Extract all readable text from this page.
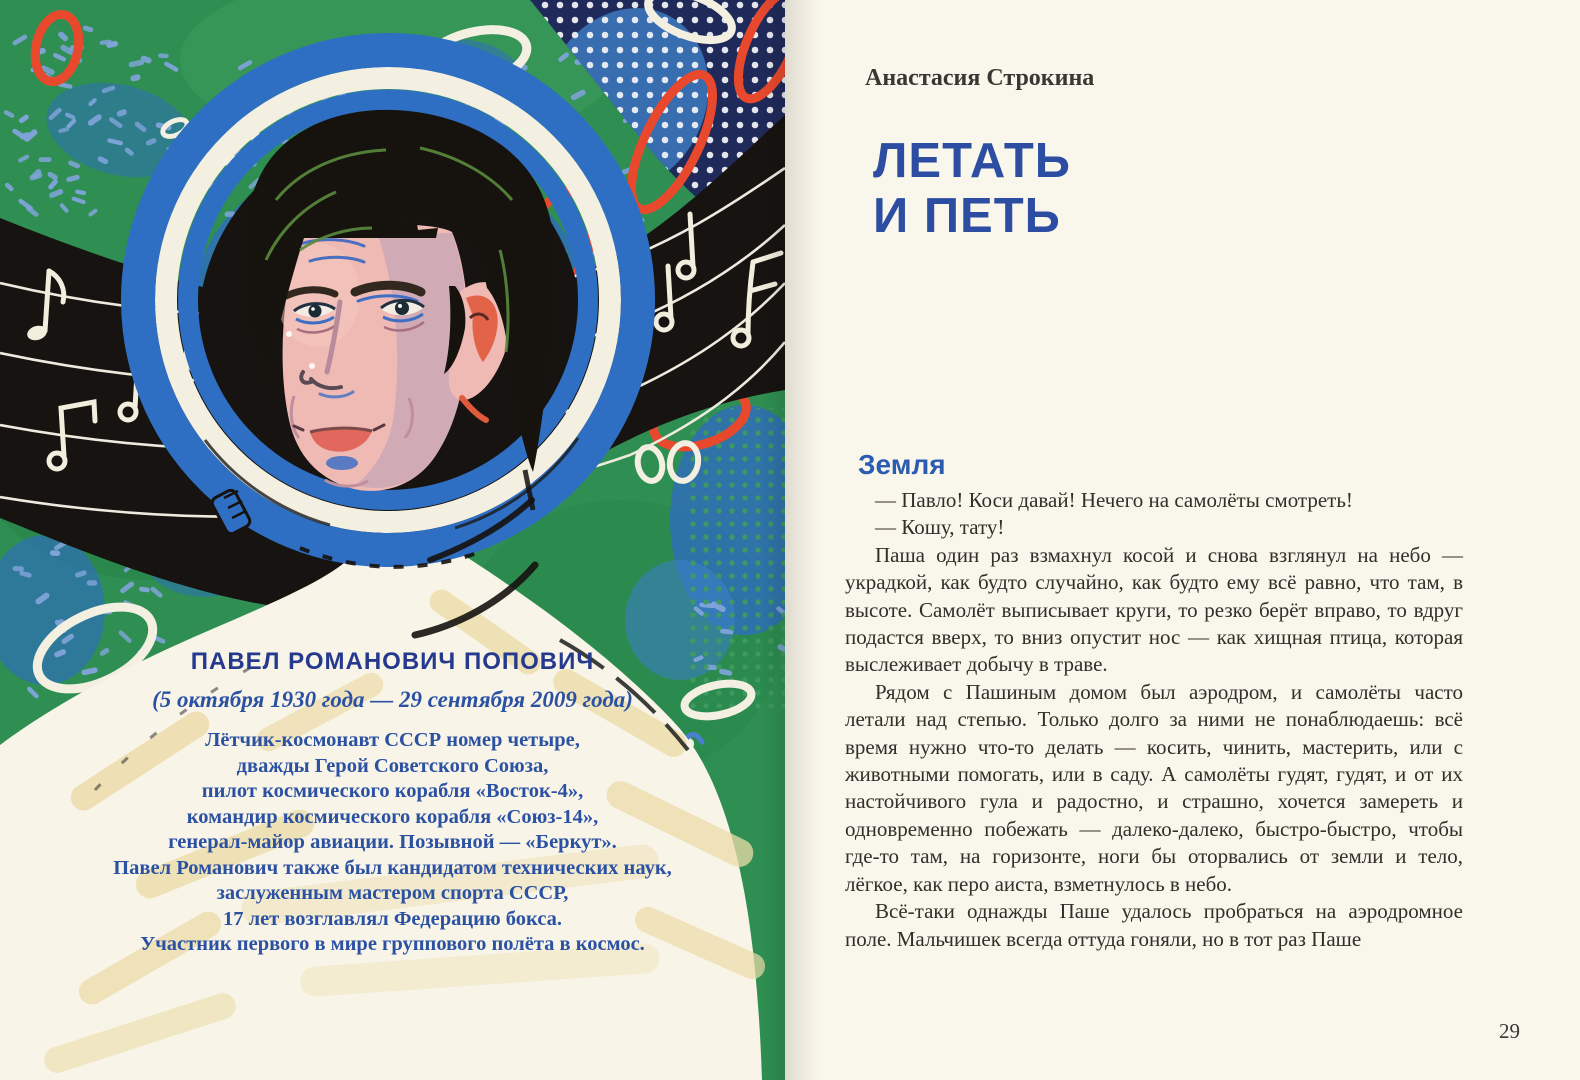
ПАВЕЛ РОМАНОВИЧ ПОПОВИЧ
(5 октября 1930 года — 29 сентября 2009 года)
Лётчик-космонавт СССР номер четыре,
дважды Герой Советского Союза,
пилот космического корабля «Восток-4»,
командир космического корабля «Союз-14»,
генерал-майор авиации. Позывной — «Беркут».
Павел Романович также был кандидатом технических наук,
заслуженным мастером спорта СССР,
17 лет возглавлял Федерацию бокса.
Участник первого в мире группового полёта в космос.
Анастасия Строкина
ЛЕТАТЬ
И ПЕТЬ
Земля

— Павло! Коси давай! Нечего на самолёты смотреть!

— Кошу, тату!

Паша один раз взмахнул косой и снова взглянул на небо — украдкой, как будто случайно, как будто ему всё равно, что там, в высоте. Самолёт выписывает круги, то резко берёт вправо, то вдруг подастся вверх, то вниз опустит нос — как хищная птица, которая выслеживает добычу в траве.

Рядом с Пашиным домом был аэродром, и самолёты часто летали над степью. Только долго за ними не понаблюдаешь: всё время нужно что-то делать — косить, чинить, мастерить, или с животными помогать, или в саду. А самолёты гудят, гудят, и от их настойчивого гула и радостно, и страшно, хочется замереть и одновременно побежать — далеко-далеко, быстро-быстро, чтобы где-то там, на горизонте, ноги бы оторвались от земли и тело, лёгкое, как перо аиста, взметнулось в небо.

Всё-таки однажды Паше удалось пробраться на аэродромное поле. Мальчишек всегда оттуда гоняли, но в тот раз Паше

29
